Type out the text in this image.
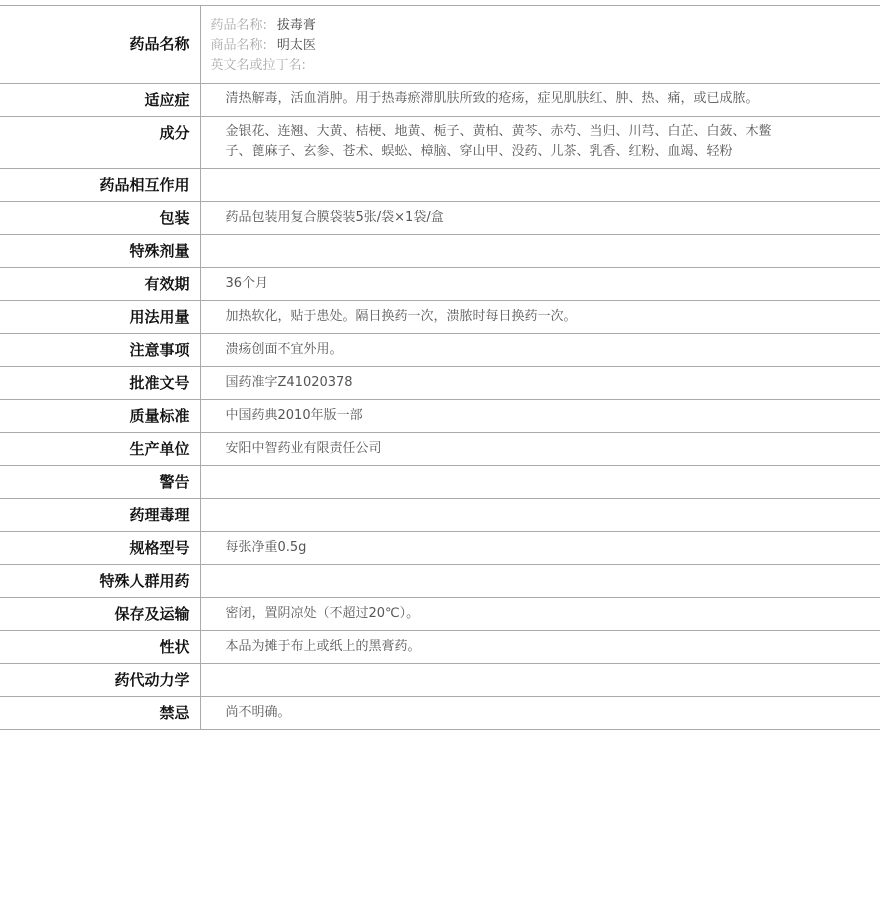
药品名称	药品名称: 拔毒膏
商品名称: 明太医
英文名或拉丁名:

适应症	清热解毒，活血消肿。用于热毒瘀滞肌肤所致的疮疡，症见肌肤红、肿、热、痛，或已成脓。
成分	金银花、连翘、大黄、桔梗、地黄、栀子、黄柏、黄芩、赤芍、当归、川芎、白芷、白蔹、木鳖子、蓖麻子、玄参、苍术、蜈蚣、樟脑、穿山甲、没药、儿茶、乳香、红粉、血竭、轻粉
药品相互作用	
包装	药品包装用复合膜袋装5张/袋×1袋/盒
特殊剂量	
有效期	36个月
用法用量	加热软化，贴于患处。隔日换药一次，溃脓时每日换药一次。
注意事项	溃疡创面不宜外用。
批准文号	国药准字Z41020378
质量标准	中国药典2010年版一部
生产单位	安阳中智药业有限责任公司
警告	
药理毒理	
规格型号	每张净重0.5g
特殊人群用药	
保存及运输	密闭，置阴凉处（不超过20℃）。
性状	本品为摊于布上或纸上的黑膏药。
药代动力学	
禁忌	尚不明确。
